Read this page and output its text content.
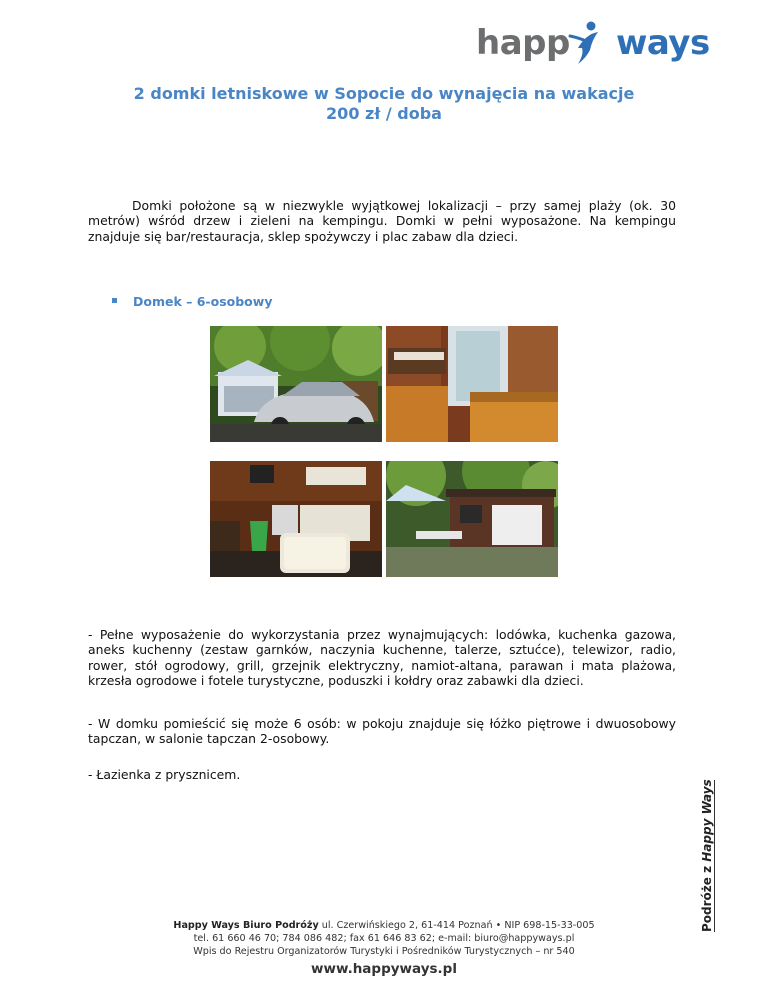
happ ways
2 domki letniskowe w Sopocie do wynajęcia na wakacje
200 zł / doba
Domki położone są w niezwykle wyjątkowej lokalizacji – przy samej plaży (ok. 30 metrów) wśród drzew i zieleni na kempingu. Domki w pełni wyposażone. Na kempingu znajduje się bar/restauracja, sklep spożywczy i plac zabaw dla dzieci.
Domek – 6-osobowy
- Pełne wyposażenie do wykorzystania przez wynajmujących: lodówka, kuchenka gazowa, aneks kuchenny (zestaw garnków, naczynia kuchenne, talerze, sztućce), telewizor, radio, rower, stół ogrodowy, grill, grzejnik elektryczny, namiot-altana, parawan i mata plażowa, krzesła ogrodowe i fotele turystyczne, poduszki i kołdry oraz zabawki dla dzieci.
- W domku pomieścić się może 6 osób: w pokoju znajduje się łóżko piętrowe i dwuosobowy tapczan, w salonie tapczan 2-osobowy.
- Łazienka z prysznicem.
Podróże z Happy Ways
Happy Ways Biuro Podróży ul. Czerwińskiego 2, 61-414 Poznań • NIP 698-15-33-005
tel. 61 660 46 70; 784 086 482; fax 61 646 83 62; e-mail: biuro@happyways.pl
Wpis do Rejestru Organizatorów Turystyki i Pośredników Turystycznych – nr 540
www.happyways.pl
